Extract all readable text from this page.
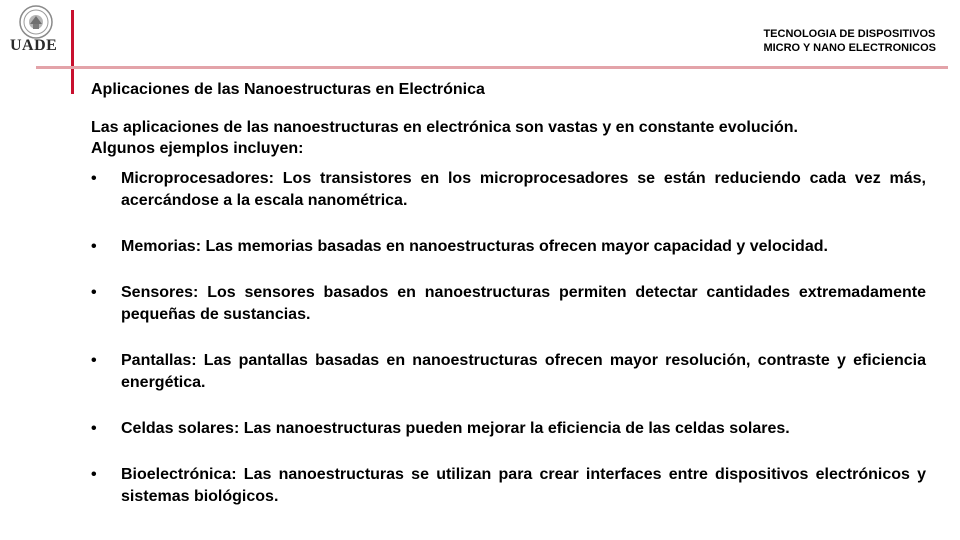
UADE
TECNOLOGIA DE DISPOSITIVOS
MICRO Y NANO ELECTRONICOS
Aplicaciones de las Nanoestructuras en Electrónica
Las aplicaciones de las nanoestructuras en electrónica son vastas y en constante evolución.
Algunos ejemplos incluyen:
• Microprocesadores: Los transistores en los microprocesadores se están reduciendo cada vez más, acercándose a la escala nanométrica.
• Memorias: Las memorias basadas en nanoestructuras ofrecen mayor capacidad y velocidad.
• Sensores: Los sensores basados en nanoestructuras permiten detectar cantidades extremadamente pequeñas de sustancias.
• Pantallas: Las pantallas basadas en nanoestructuras ofrecen mayor resolución, contraste y eficiencia energética.
• Celdas solares: Las nanoestructuras pueden mejorar la eficiencia de las celdas solares.
• Bioelectrónica: Las nanoestructuras se utilizan para crear interfaces entre dispositivos electrónicos y sistemas biológicos.
